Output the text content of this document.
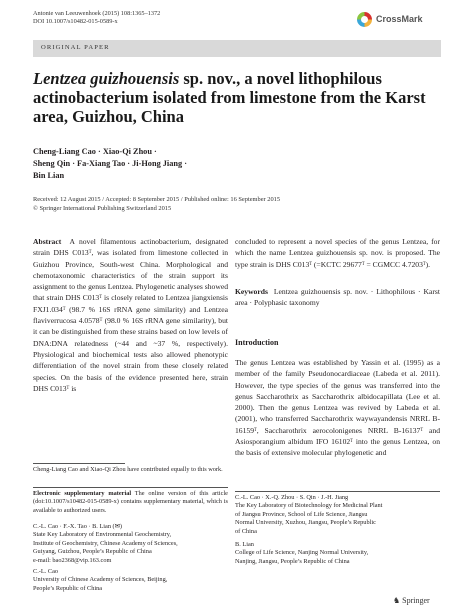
Antonie van Leeuwenhoek (2015) 108:1365–1372
DOI 10.1007/s10482-015-0589-x	CrossMark
ORIGINAL PAPER
Lentzea guizhouensis sp. nov., a novel lithophilous actinobacterium isolated from limestone from the Karst area, Guizhou, China
Cheng-Liang Cao · Xiao-Qi Zhou ·
Sheng Qin · Fa-Xiang Tao · Ji-Hong Jiang ·
Bin Lian
Received: 12 August 2015 / Accepted: 8 September 2015 / Published online: 16 September 2015
© Springer International Publishing Switzerland 2015

Abstract A novel filamentous actinobacterium, designated strain DHS C013ᵀ, was isolated from limestone collected in Guizhou Province, South-west China. Morphological and chemotaxonomic characteristics of the strain support its assignment to the genus Lentzea. Phylogenetic analyses showed that strain DHS C013ᵀ is closely related to Lentzea jiangxiensis FXJ1.034ᵀ (98.7 % 16S rRNA gene similarity) and Lentzea flaviverrucosa 4.0578ᵀ (98.0 % 16S rRNA gene similarity), but it can be distinguished from these strains based on low levels of DNA:DNA relatedness (~44 and ~37 %, respectively). Physiological and biochemical tests also allowed phenotypic differentiation of the novel strain from these closely related species. On the basis of the evidence presented here, strain DHS C013ᵀ is

Cheng-Liang Cao and Xiao-Qi Zhou have contributed equally to this work.
Electronic supplementary material The online version of this article (doi:10.1007/s10482-015-0589-x) contains supplementary material, which is available to authorized users.
C.-L. Cao · F.-X. Tao · B. Lian (✉)
State Key Laboratory of Environmental Geochemistry,
Institute of Geochemistry, Chinese Academy of Sciences,
Guiyang, Guizhou, People’s Republic of China
e-mail: bao2368@vip.163.com
C.-L. Cao
University of Chinese Academy of Sciences, Beijing,
People’s Republic of China
concluded to represent a novel species of the genus Lentzea, for which the name Lentzea guizhouensis sp. nov. is proposed. The type strain is DHS C013ᵀ (=KCTC 29677ᵀ = CGMCC 4.7203ᵀ).

Keywords Lentzea guizhouensis sp. nov. · Lithophilous · Karst area · Polyphasic taxonomy

Introduction
The genus Lentzea was established by Yassin et al. (1995) as a member of the family Pseudonocardiaceae (Labeda et al. 2011). However, the type species of the genus was transferred into the genus Saccharothrix as Saccharothrix albidocapillata (Lee et al. 2000). Then the genus Lentzea was revived by Labeda et al. (2001), who transferred Saccharothrix waywayandensis NRRL B-16159ᵀ, Saccharothrix aerocolonigenes NRRL B-16137ᵀ and Asiosporangium albidum IFO 16102ᵀ into the genus Lentzea, on the basis of extensive molecular phylogenetic and
C.-L. Cao · X.-Q. Zhou · S. Qin · J.-H. Jiang
The Key Laboratory of Biotechnology for Medicinal Plant
of Jiangsu Province, School of Life Science, Jiangsu
Normal University, Xuzhou, Jiangsu, People’s Republic
of China
B. Lian
College of Life Science, Nanjing Normal University,
Nanjing, Jiangsu, People’s Republic of China
♞ Springer
